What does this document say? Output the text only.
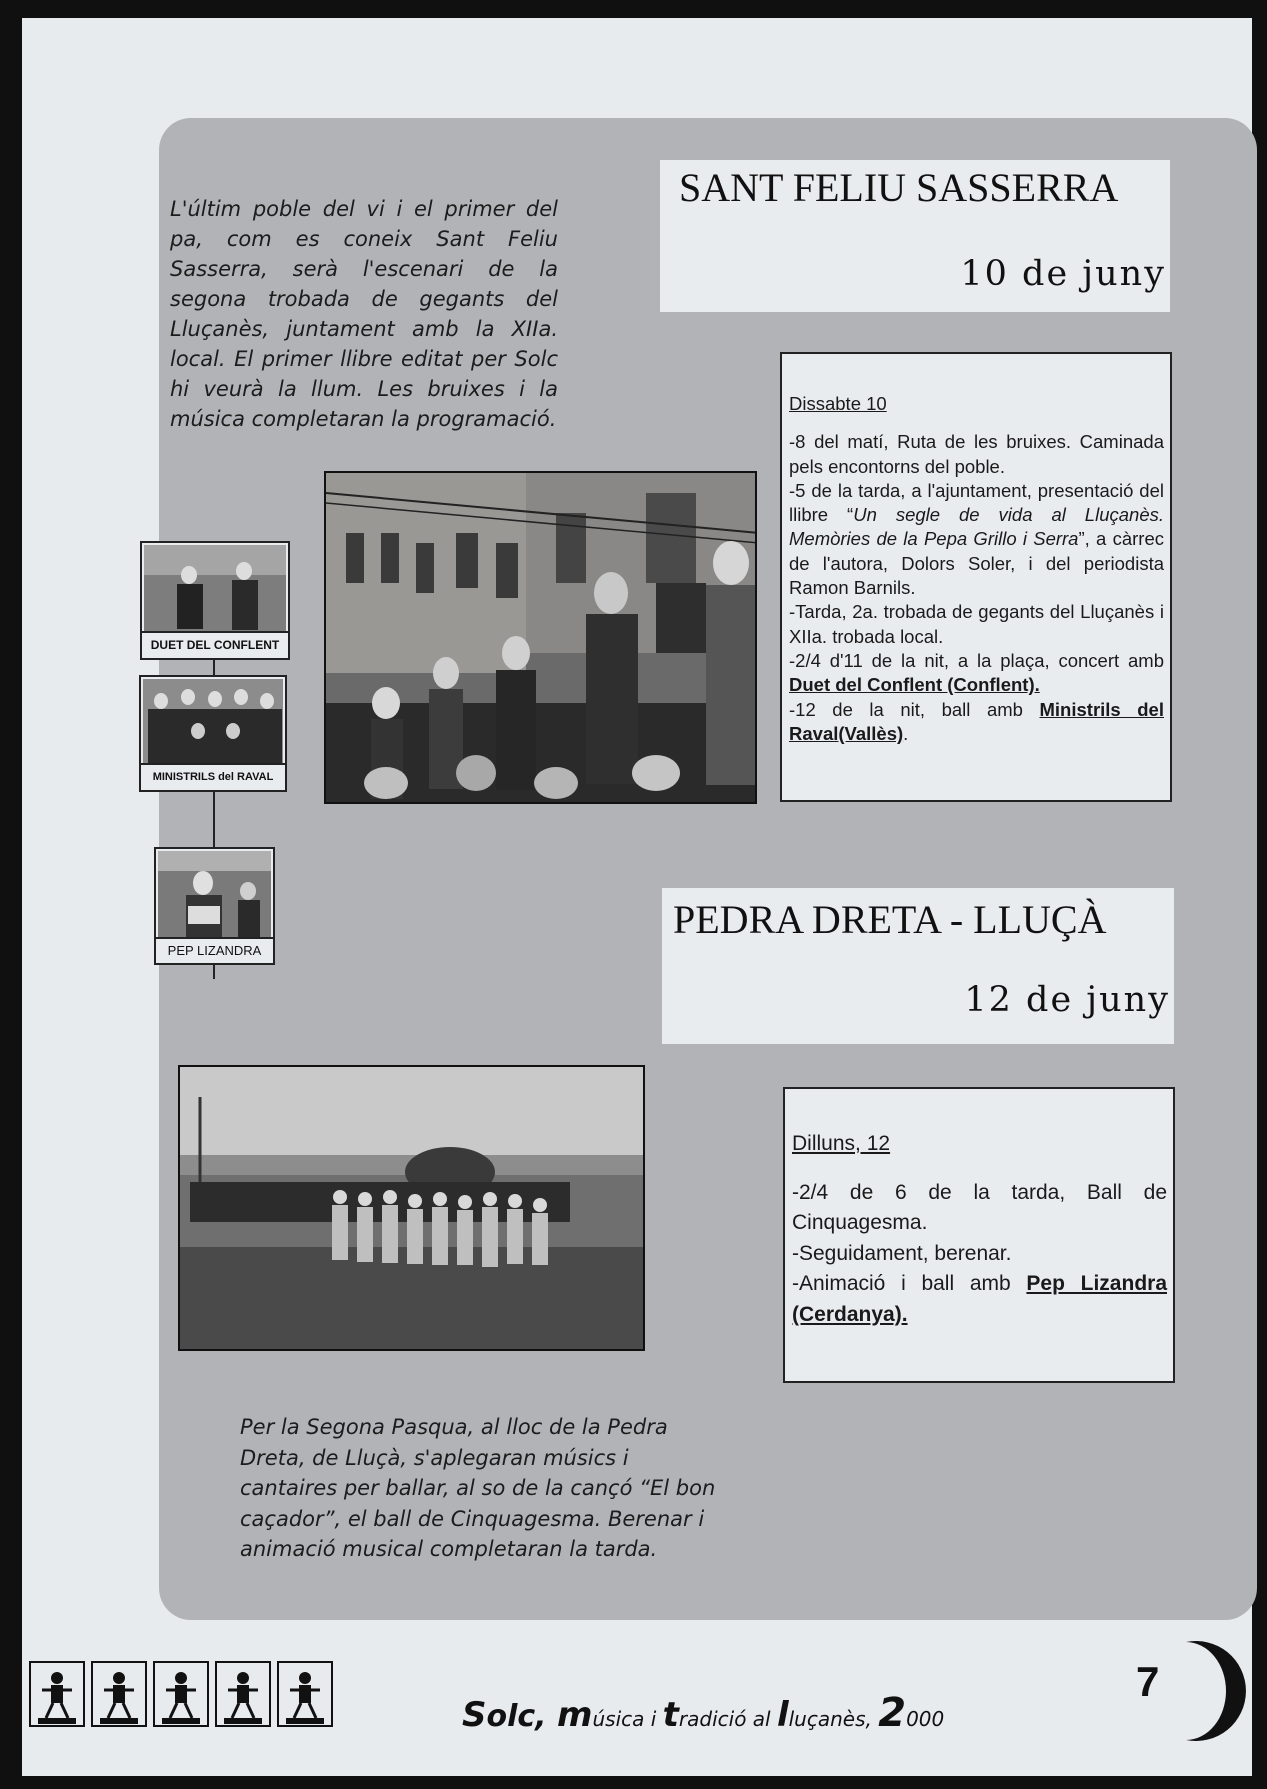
L'últim poble del vi i el primer del pa, com es coneix Sant Feliu Sasserra, serà l'escenari de la segona trobada de gegants del Lluçanès, juntament amb la XIIa. local. El primer llibre editat per Solc hi veurà la llum. Les bruixes i la música completaran la programació.
SANT FELIU SASSERRA
10 de juny
Dissabte 10

-8 del matí, Ruta de les bruixes. Caminada pels encontorns del poble.

-5 de la tarda, a l'ajuntament, presentació del llibre “Un segle de vida al Lluçanès. Memòries de la Pepa Grillo i Serra”, a càrrec de l'autora, Dolors Soler, i del periodista Ramon Barnils.

-Tarda, 2a. trobada de gegants del Lluçanès i XIIa. trobada local.

-2/4 d'11 de la nit, a la plaça, concert amb Duet del Conflent (Conflent).

-12 de la nit, ball amb Ministrils del Raval(Vallès).

DUET DEL CONFLENT
MINISTRILS del RAVAL
PEP LIZANDRA
PEDRA DRETA - LLUÇÀ
12 de juny
Dilluns, 12

-2/4 de 6 de la tarda, Ball de Cinquagesma.

-Seguidament, berenar.

-Animació i ball amb Pep Lizandra (Cerdanya).

Per la Segona Pasqua, al lloc de la Pedra Dreta, de Lluçà, s'aplegaran músics i cantaires per ballar, al so de la cançó “El bon caçador”, el ball de Cinquagesma. Berenar i animació musical completaran la tarda.
Solc, música i tradició al lluçanès, 2000
7
